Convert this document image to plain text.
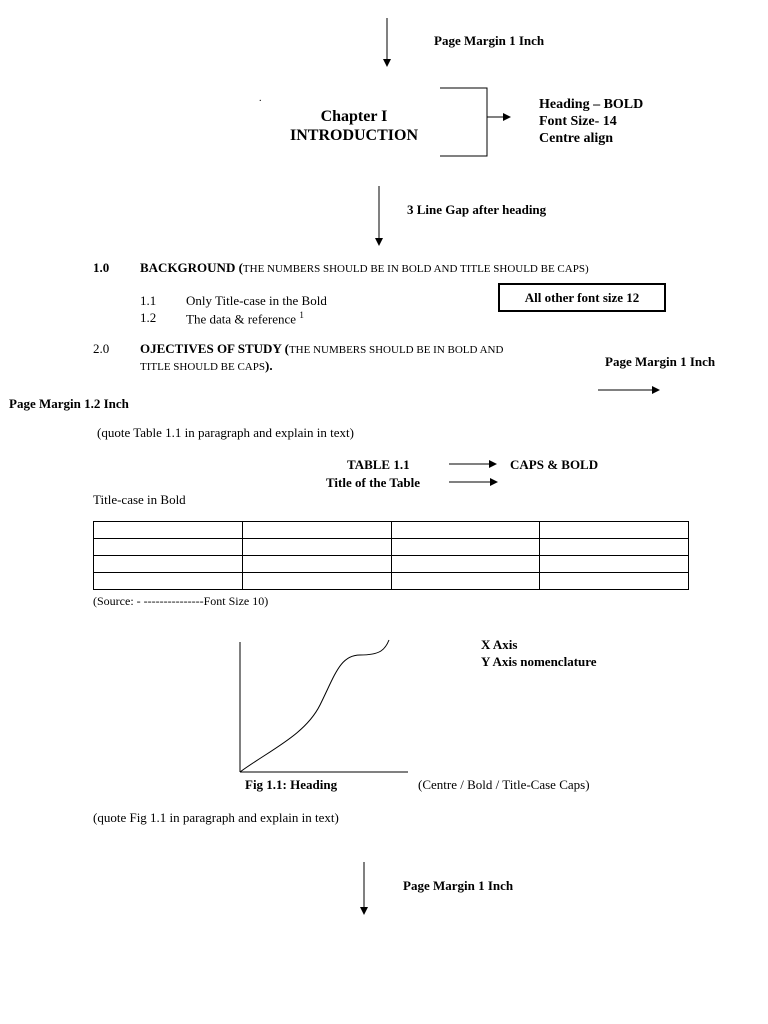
Page Margin 1 Inch
.
Chapter I
INTRODUCTION
Heading – BOLD
Font Size- 14
Centre align
3 Line Gap after heading
1.0 BACKGROUND (THE NUMBERS SHOULD BE IN BOLD AND TITLE SHOULD BE CAPS)
1.1 Only Title-case in the Bold
1.2 The data & reference $^1$
All other font size 12
2.0 OJECTIVES OF STUDY (THE NUMBERS SHOULD BE IN BOLD AND
TITLE SHOULD BE CAPS).	Page Margin 1 Inch
Page Margin 1.2 Inch
(quote Table 1.1 in paragraph and explain in text)
TABLE 1.1
Title of the Table
CAPS & BOLD
Title-case in Bold

(Source: - ---------------Font Size 10)
X Axis
Y Axis nomenclature
Fig 1.1: Heading	(Centre / Bold / Title-Case Caps)
(quote Fig 1.1 in paragraph and explain in text)
Page Margin 1 Inch
